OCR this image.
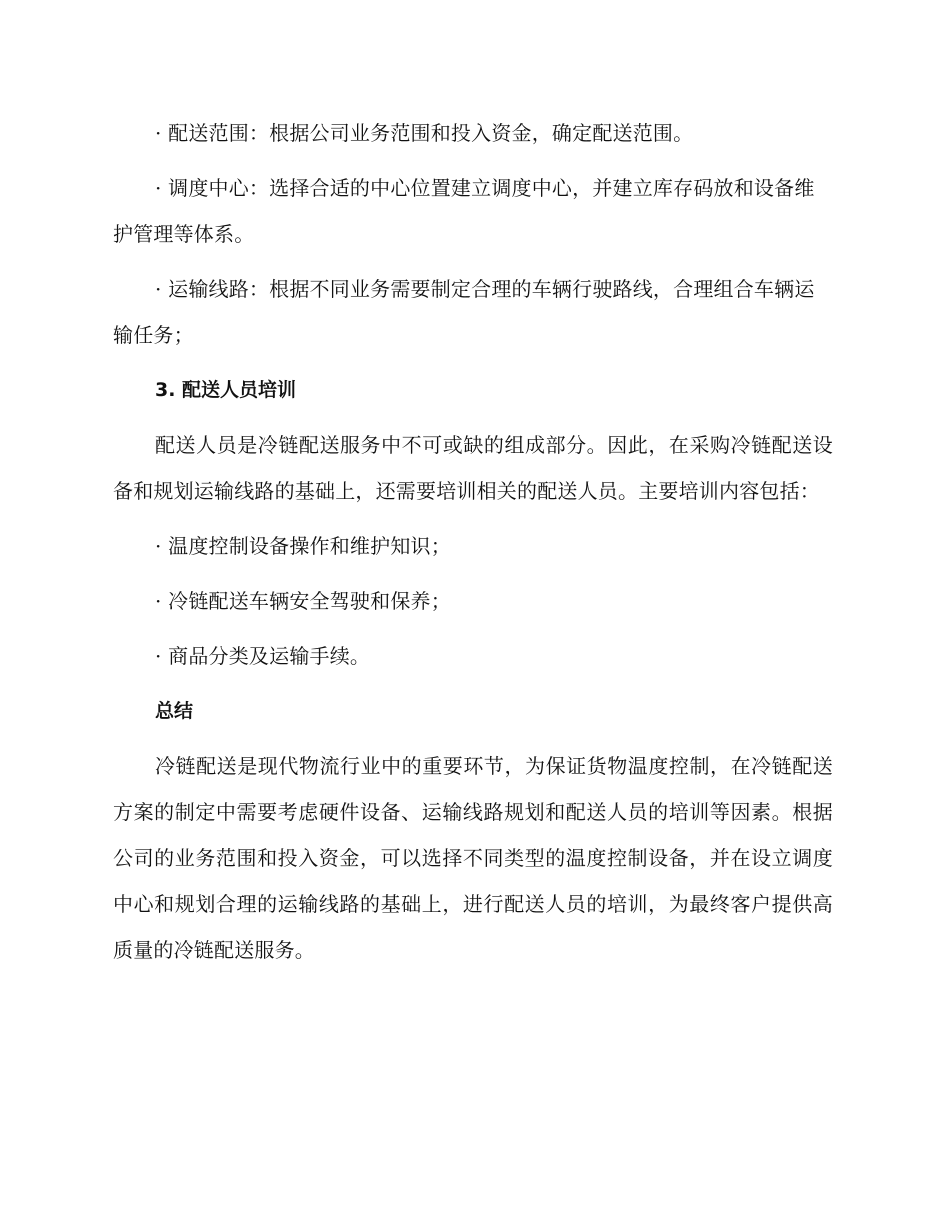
· 配送范围：根据公司业务范围和投入资金，确定配送范围。

· 调度中心：选择合适的中心位置建立调度中心，并建立库存码放和设备维护管理等体系。

· 运输线路：根据不同业务需要制定合理的车辆行驶路线，合理组合车辆运输任务；

3. 配送人员培训

配送人员是冷链配送服务中不可或缺的组成部分。因此，在采购冷链配送设备和规划运输线路的基础上，还需要培训相关的配送人员。主要培训内容包括：

· 温度控制设备操作和维护知识；

· 冷链配送车辆安全驾驶和保养；

· 商品分类及运输手续。

总结

冷链配送是现代物流行业中的重要环节，为保证货物温度控制，在冷链配送方案的制定中需要考虑硬件设备、运输线路规划和配送人员的培训等因素。根据公司的业务范围和投入资金，可以选择不同类型的温度控制设备，并在设立调度中心和规划合理的运输线路的基础上，进行配送人员的培训，为最终客户提供高质量的冷链配送服务。
